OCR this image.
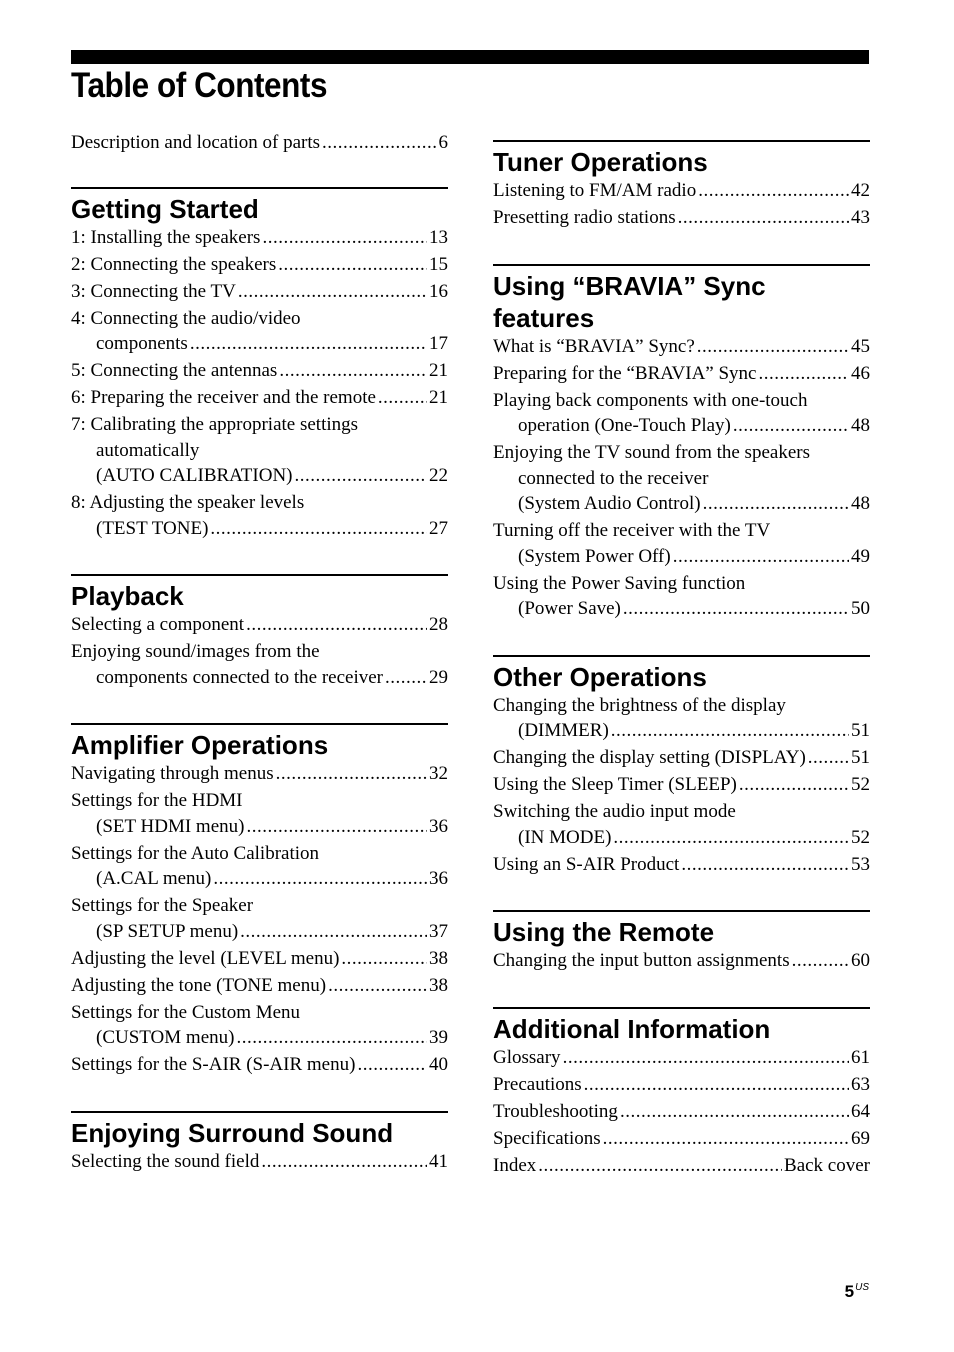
Table of Contents
Description and location of parts .....	6
Getting Started
1: Installing the speakers .....	13
2: Connecting the speakers .....	15
3: Connecting the TV .....	16
4: Connecting the audio/video
components .....	17
5: Connecting the antennas .....	21
6: Preparing the receiver and the remote .....	21
7: Calibrating the appropriate settings
automatically
(AUTO CALIBRATION) .....	22
8: Adjusting the speaker levels
(TEST TONE) .....	27
Playback
Selecting a component .....	28
Enjoying sound/images from the
components connected to the receiver ..... 29
Amplifier Operations
Navigating through menus .....	32
Settings for the HDMI
(SET HDMI menu) .....	36
Settings for the Auto Calibration
(A.CAL menu) .....	36
Settings for the Speaker
(SP SETUP menu) .....	37
Adjusting the level (LEVEL menu) .....	38
Adjusting the tone (TONE menu) .....	38
Settings for the Custom Menu
(CUSTOM menu) .....	39
Settings for the S-AIR (S-AIR menu) .....	40
Enjoying Surround Sound
Selecting the sound field .....	41
Tuner Operations
Listening to FM/AM radio .....	42
Presetting radio stations .....	43
Using “BRAVIA” Sync features
What is “BRAVIA” Sync? .....	45
Preparing for the “BRAVIA” Sync .....	46
Playing back components with one-touch
operation (One-Touch Play) .....	48
Enjoying the TV sound from the speakers
connected to the receiver
(System Audio Control) .....	48
Turning off the receiver with the TV
(System Power Off) .....	49
Using the Power Saving function
(Power Save) .....	50
Other Operations
Changing the brightness of the display
(DIMMER) .....	51
Changing the display setting (DISPLAY) ..... 51
Using the Sleep Timer (SLEEP) .....	52
Switching the audio input mode
(IN MODE) .....	52
Using an S-AIR Product .....	53
Using the Remote
Changing the input button assignments .....	60
Additional Information
Glossary .....	61
Precautions .....	63
Troubleshooting .....	64
Specifications .....	69
Index .....	Back cover
$5^{US}$
